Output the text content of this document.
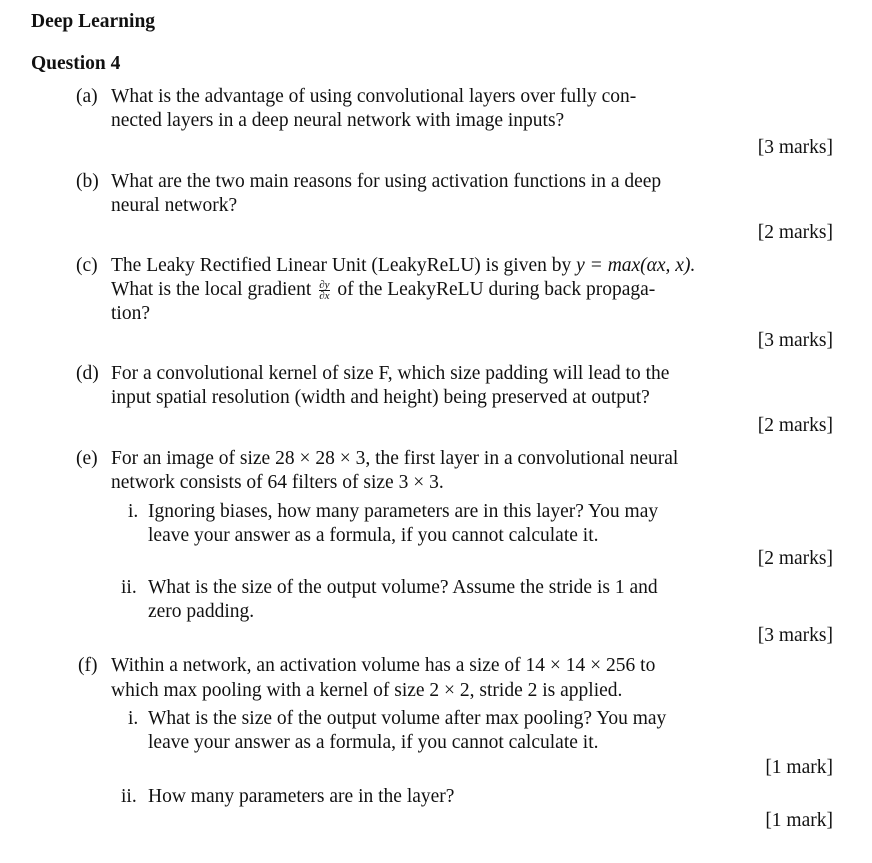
Deep Learning
Question 4
(a) What is the advantage of using convolutional layers over fully con-
nected layers in a deep neural network with image inputs?
[3 marks]
(b) What are the two main reasons for using activation functions in a deep
neural network?
[2 marks]
(c) The Leaky Rectified Linear Unit (LeakyReLU) is given by y = max(αx, x).
What is the local gradient $\frac{\partial y}{\partial x}$ of the LeakyReLU during back propaga-
tion?
[3 marks]
(d) For a convolutional kernel of size F, which size padding will lead to the
input spatial resolution (width and height) being preserved at output?
[2 marks]
(e) For an image of size 28 × 28 × 3, the first layer in a convolutional neural
network consists of 64 filters of size 3 × 3.
i. Ignoring biases, how many parameters are in this layer? You may
leave your answer as a formula, if you cannot calculate it.
[2 marks]
ii. What is the size of the output volume? Assume the stride is 1 and
zero padding.
[3 marks]
(f) Within a network, an activation volume has a size of 14 × 14 × 256 to
which max pooling with a kernel of size 2 × 2, stride 2 is applied.
i. What is the size of the output volume after max pooling? You may
leave your answer as a formula, if you cannot calculate it.
[1 mark]
ii. How many parameters are in the layer?
[1 mark]
